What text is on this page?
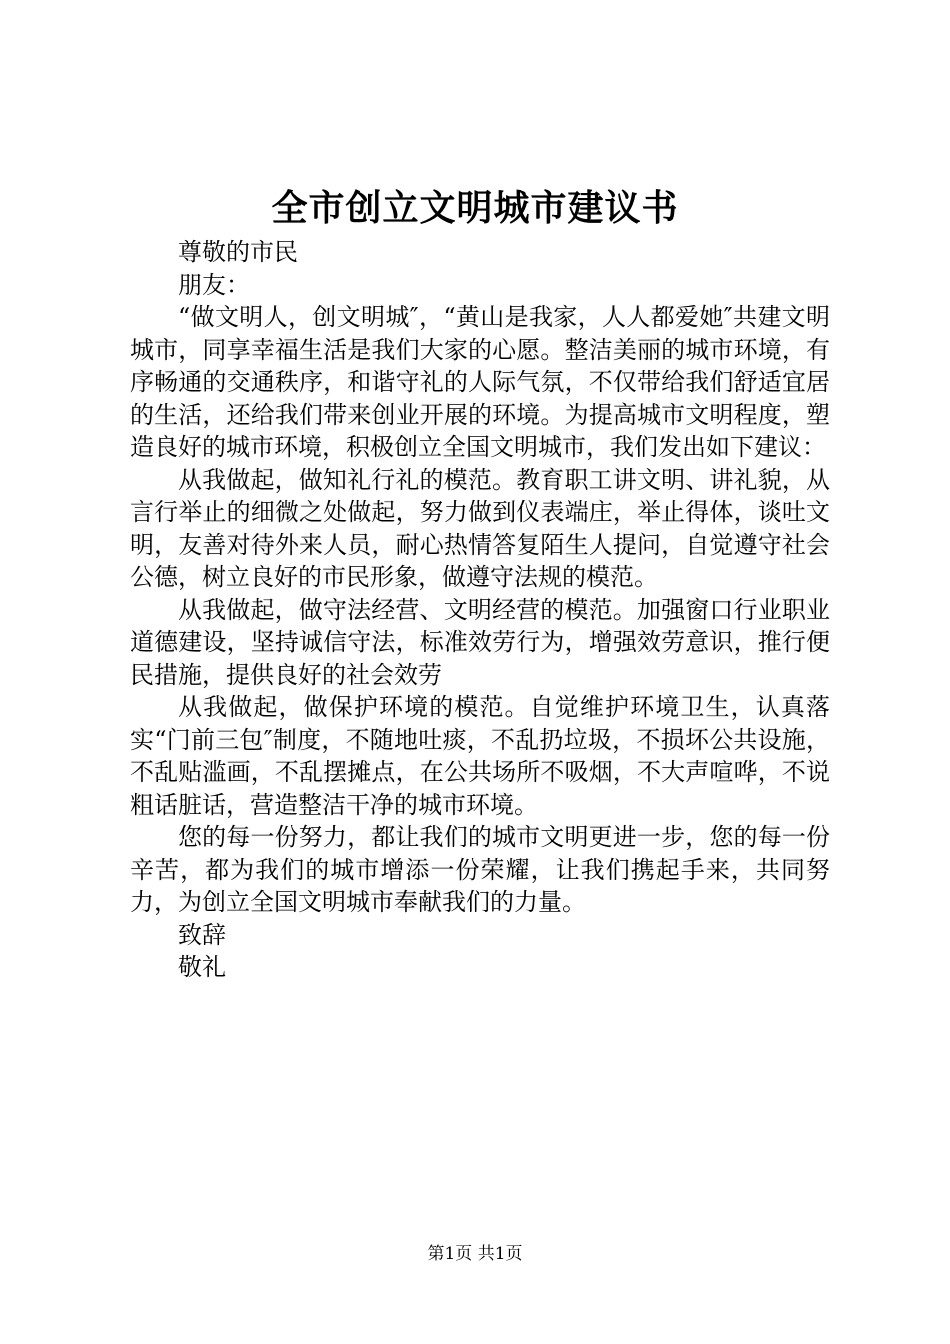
全市创立文明城市建议书

尊敬的市民

朋友：

“做文明人，创文明城″，“黄山是我家，人人都爱她″共建文明城市，同享幸福生活是我们大家的心愿。整洁美丽的城市环境，有序畅通的交通秩序，和谐守礼的人际气氛，不仅带给我们舒适宜居的生活，还给我们带来创业开展的环境。为提高城市文明程度，塑造良好的城市环境，积极创立全国文明城市，我们发出如下建议：

从我做起，做知礼行礼的模范。教育职工讲文明、讲礼貌，从言行举止的细微之处做起，努力做到仪表端庄，举止得体，谈吐文明，友善对待外来人员，耐心热情答复陌生人提问，自觉遵守社会公德，树立良好的市民形象，做遵守法规的模范。

从我做起，做守法经营、文明经营的模范。加强窗口行业职业道德建设，坚持诚信守法，标准效劳行为，增强效劳意识，推行便民措施，提供良好的社会效劳

从我做起，做保护环境的模范。自觉维护环境卫生，认真落实“门前三包″制度，不随地吐痰，不乱扔垃圾，不损坏公共设施，不乱贴滥画，不乱摆摊点，在公共场所不吸烟，不大声喧哗，不说粗话脏话，营造整洁干净的城市环境。

您的每一份努力，都让我们的城市文明更进一步，您的每一份辛苦，都为我们的城市增添一份荣耀，让我们携起手来，共同努力，为创立全国文明城市奉献我们的力量。

致辞

敬礼

第1页 共1页
